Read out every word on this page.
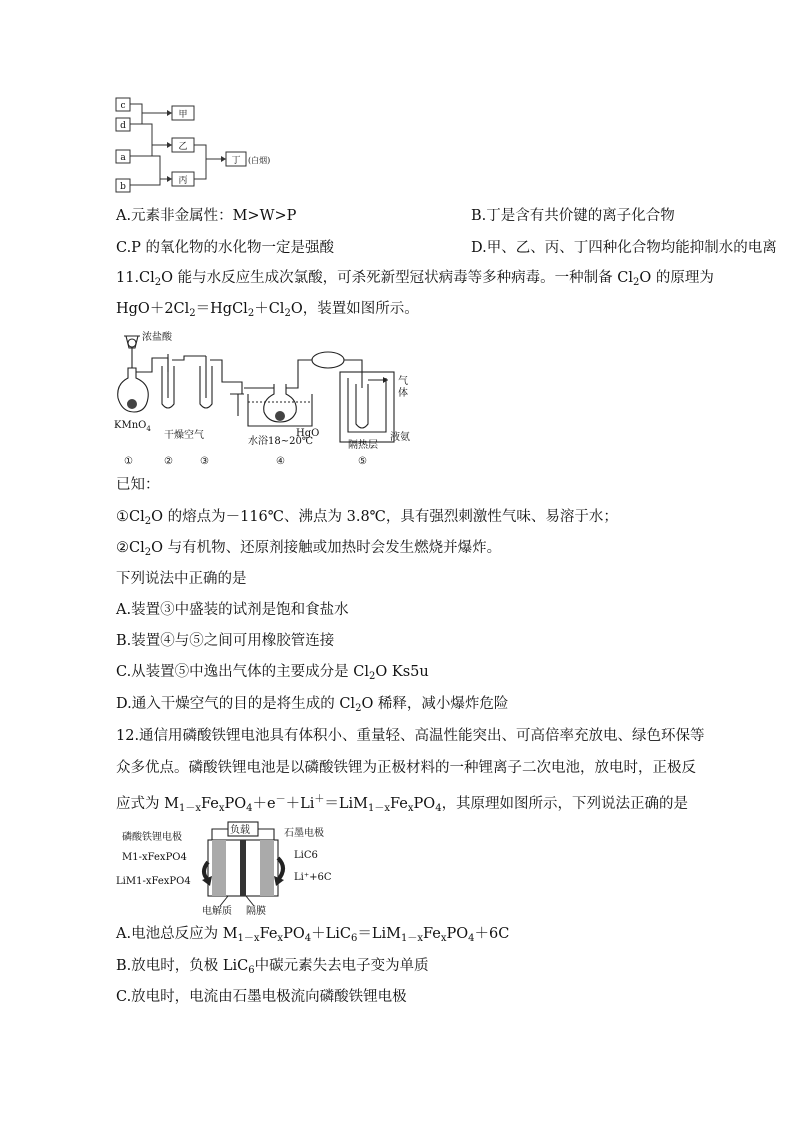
c
d
a
b
甲
乙
丙
丁 (白烟)
A.元素非金属性：M>W>P	B.丁是含有共价键的离子化合物
C.P 的氧化物的水化物一定是强酸	D.甲、乙、丙、丁四种化合物均能抑制水的电离
$11.Cl_2O$ 能与水反应生成次氯酸，可杀死新型冠状病毒等多种病毒。一种制备 $Cl_2O$ 的原理为
$HgO+2Cl_2=HgCl_2+Cl_2O$，装置如图所示。
浓盐酸
KMnO$_4$
干燥空气
水浴18~20℃
HgO
气
体
隔热层
液氨
①	②	③	④	⑤
已知：
$①Cl_2O$ 的熔点为－116℃、沸点为 3.8℃，具有强烈刺激性气味、易溶于水；
$②Cl_2O$ 与有机物、还原剂接触或加热时会发生燃烧并爆炸。
下列说法中正确的是
A.装置③中盛装的试剂是饱和食盐水
B.装置④与⑤之间可用橡胶管连接
C.从装置⑤中逸出气体的主要成分是 $Cl_2O$ Ks5u
D.通入干燥空气的目的是将生成的 $Cl_2O$ 稀释，减小爆炸危险
12.通信用磷酸铁锂电池具有体积小、重量轻、高温性能突出、可高倍率充放电、绿色环保等
众多优点。磷酸铁锂电池是以磷酸铁锂为正极材料的一种锂离子二次电池，放电时，正极反
应式为 $M_{1-x}Fe_xPO_4+e^-+Li^+=LiM_{1-x}Fe_xPO_4$，其原理如图所示，下列说法正确的是
负载
磷酸铁锂电极	石墨电极
M1-xFexPO4
LiM1-xFexPO4
LiC6
Li⁺+6C
电解质 隔膜
A.电池总反应为 $M_{1-x}Fe_xPO_4+LiC_6=LiM_{1-x}Fe_xPO_4+6C$
B.放电时，负极 LiC$_6$中碳元素失去电子变为单质
C.放电时，电流由石墨电极流向磷酸铁锂电极
